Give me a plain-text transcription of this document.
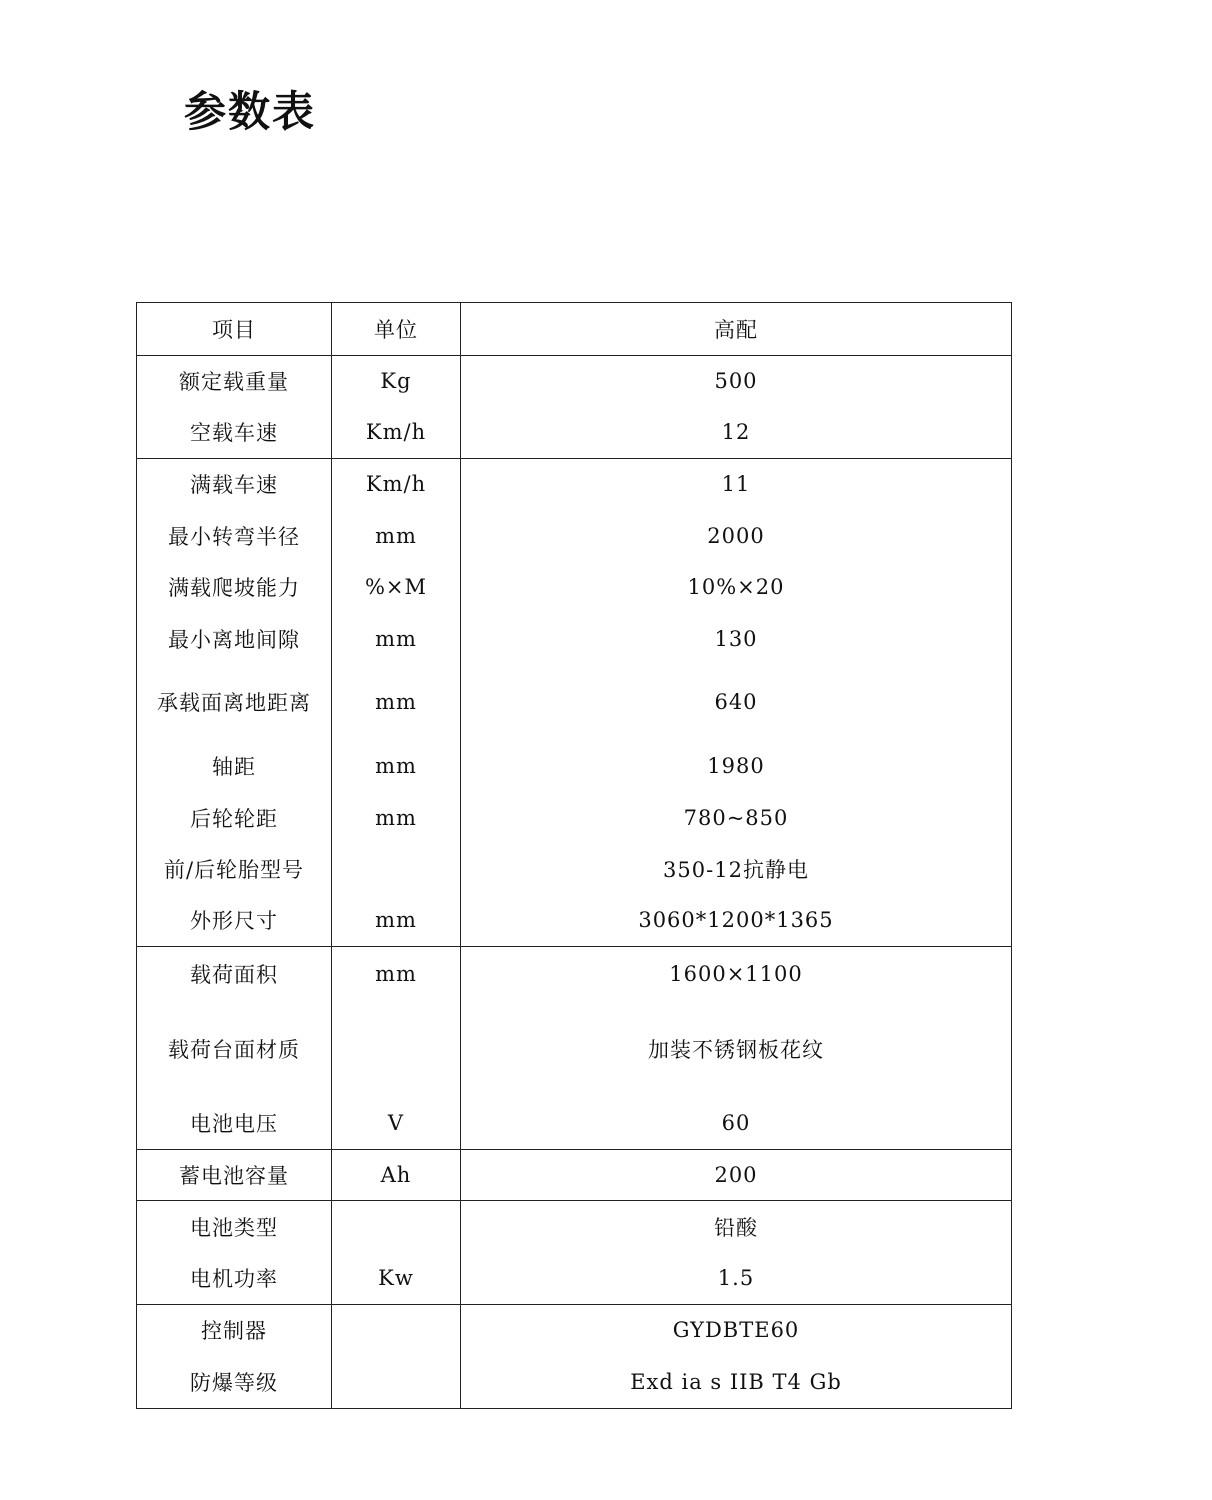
参数表
项目	单位	高配
额定载重量	Kg	500
空载车速	Km/h	12
满载车速	Km/h	11
最小转弯半径	mm	2000
满载爬坡能力	%×M	10%×20
最小离地间隙	mm	130
承载面离地距离	mm	640
轴距	mm	1980
后轮轮距	mm	780~850
前/后轮胎型号		350-12抗静电
外形尺寸	mm	3060*1200*1365
载荷面积	mm	1600×1100
载荷台面材质		加装不锈钢板花纹
电池电压	V	60
蓄电池容量	Ah	200
电池类型		铅酸
电机功率	Kw	1.5
控制器		GYDBTE60
防爆等级		Exd ia s IIB T4 Gb
